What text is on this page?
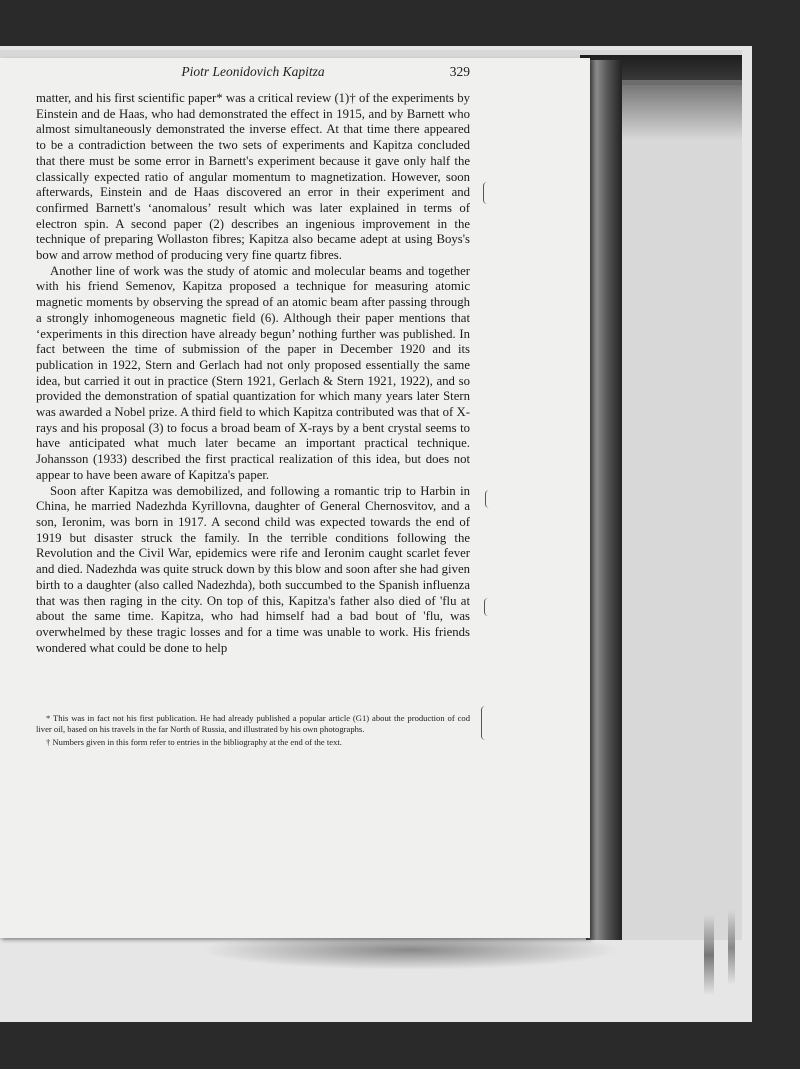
Piotr Leonidovich Kapitza	329

matter, and his first scientific paper* was a critical review (1)† of the experiments by Einstein and de Haas, who had demonstrated the effect in 1915, and by Barnett who almost simultaneously demonstrated the inverse effect. At that time there appeared to be a contradiction between the two sets of experiments and Kapitza concluded that there must be some error in Barnett's experiment because it gave only half the classically expected ratio of angular momentum to magnetization. However, soon afterwards, Einstein and de Haas discovered an error in their experiment and confirmed Barnett's ‘anomalous’ result which was later explained in terms of electron spin. A second paper (2) describes an ingenious improvement in the technique of preparing Wollaston fibres; Kapitza also became adept at using Boys's bow and arrow method of producing very fine quartz fibres.

Another line of work was the study of atomic and molecular beams and together with his friend Semenov, Kapitza proposed a technique for measuring atomic magnetic moments by observing the spread of an atomic beam after passing through a strongly inhomogeneous magnetic field (6). Although their paper mentions that ‘experiments in this direction have already begun’ nothing further was published. In fact between the time of submission of the paper in December 1920 and its publication in 1922, Stern and Gerlach had not only proposed essentially the same idea, but carried it out in practice (Stern 1921, Gerlach & Stern 1921, 1922), and so provided the demonstration of spatial quantization for which many years later Stern was awarded a Nobel prize. A third field to which Kapitza contributed was that of X-rays and his proposal (3) to focus a broad beam of X-rays by a bent crystal seems to have anticipated what much later became an important practical technique. Johansson (1933) described the first practical realization of this idea, but does not appear to have been aware of Kapitza's paper.

Soon after Kapitza was demobilized, and following a romantic trip to Harbin in China, he married Nadezhda Kyrillovna, daughter of General Chernosvitov, and a son, Ieronim, was born in 1917. A second child was expected towards the end of 1919 but disaster struck the family. In the terrible conditions following the Revolution and the Civil War, epidemics were rife and Ieronim caught scarlet fever and died. Nadezhda was quite struck down by this blow and soon after she had given birth to a daughter (also called Nadezhda), both succumbed to the Spanish influenza that was then raging in the city. On top of this, Kapitza's father also died of 'flu at about the same time. Kapitza, who had himself had a bad bout of 'flu, was overwhelmed by these tragic losses and for a time was unable to work. His friends wondered what could be done to help

* This was in fact not his first publication. He had already published a popular article (G1) about the production of cod liver oil, based on his travels in the far North of Russia, and illustrated by his own photographs.

† Numbers given in this form refer to entries in the bibliography at the end of the text.
